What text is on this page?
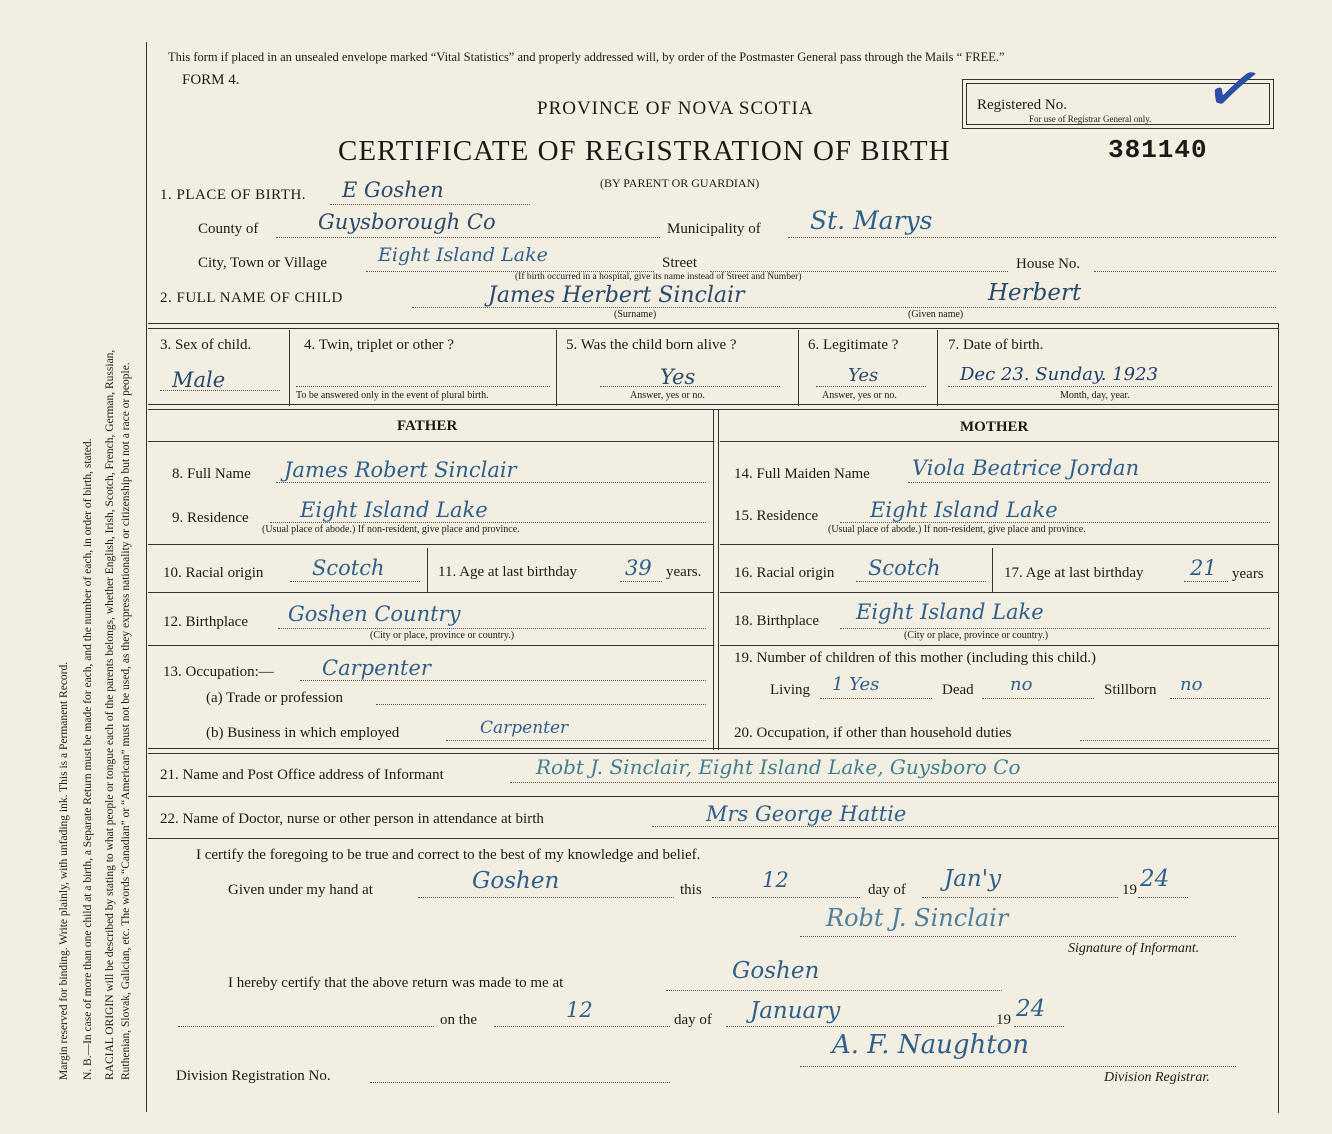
Margin reserved for binding. Write plainly, with unfading ink. This is a Permanent Record. N. B.—In case of more than one child at a birth, a Separate Return must be made for each, and the number of each, in order of birth, stated. RACIAL ORIGIN will be described by stating to what people or tongue each of the parents belongs, whether English, Irish, Scotch, French, German, Russian, Ruthenian, Slovak, Galician, etc. The words “Canadian” or “American” must not be used, as they express nationality or citizenship but not a race or people.
This form if placed in an unsealed envelope marked “Vital Statistics” and properly addressed will, by order of the Postmaster General pass through the Mails “ FREE.”
FORM 4.
PROVINCE OF NOVA SCOTIA
CERTIFICATE OF REGISTRATION OF BIRTH	381140
(BY PARENT OR GUARDIAN)
Registered No.
For use of Registrar General only. ✓
1. PLACE OF BIRTH. E Goshen
County of	Guysborough Co	Municipality of St. Marys
City, Town or Village	Eight Island Lake	Street	House No.
(If birth occurred in a hospital, give its name instead of Street and Number)
2. FULL NAME OF CHILD	James Herbert Sinclair	Herbert
(Surname)	(Given name)
3. Sex of child.
Male
4. Twin, triplet or other ?
To be answered only in the event of plural birth.
5. Was the child born alive ?
Yes
Answer, yes or no.
6. Legitimate ?
Yes
Answer, yes or no.
7. Date of birth.
Dec 23. Sunday. 1923
Month, day, year.
FATHER	MOTHER
8. Full Name James Robert Sinclair
9. Residence Eight Island Lake
(Usual place of abode.) If non-resident, give place and province.
10. Racial origin Scotch	11. Age at last birthday 39 years.
12. Birthplace Goshen Country
(City or place, province or country.)
13. Occupation:— Carpenter
(a) Trade or profession
(b) Business in which employed	Carpenter
14. Full Maiden Name Viola Beatrice Jordan
15. Residence Eight Island Lake
(Usual place of abode.) If non-resident, give place and province.
16. Racial origin Scotch	17. Age at last birthday 21 years
18. Birthplace Eight Island Lake
(City or place, province or country.)
19. Number of children of this mother (including this child.)
Living 1 Yes	Dead no	Stillborn no
20. Occupation, if other than household duties
21. Name and Post Office address of Informant	Robt J. Sinclair, Eight Island Lake, Guysboro Co
22. Name of Doctor, nurse or other person in attendance at birth	Mrs George Hattie
I certify the foregoing to be true and correct to the best of my knowledge and belief.
Given under my hand at	Goshen	this	12	day of Jan'y	19 24
Robt J. Sinclair
Signature of Informant.
I hereby certify that the above return was made to me at	Goshen
on the	12	day of January	19 24
A. F. Naughton
Division Registration No.	Division Registrar.
